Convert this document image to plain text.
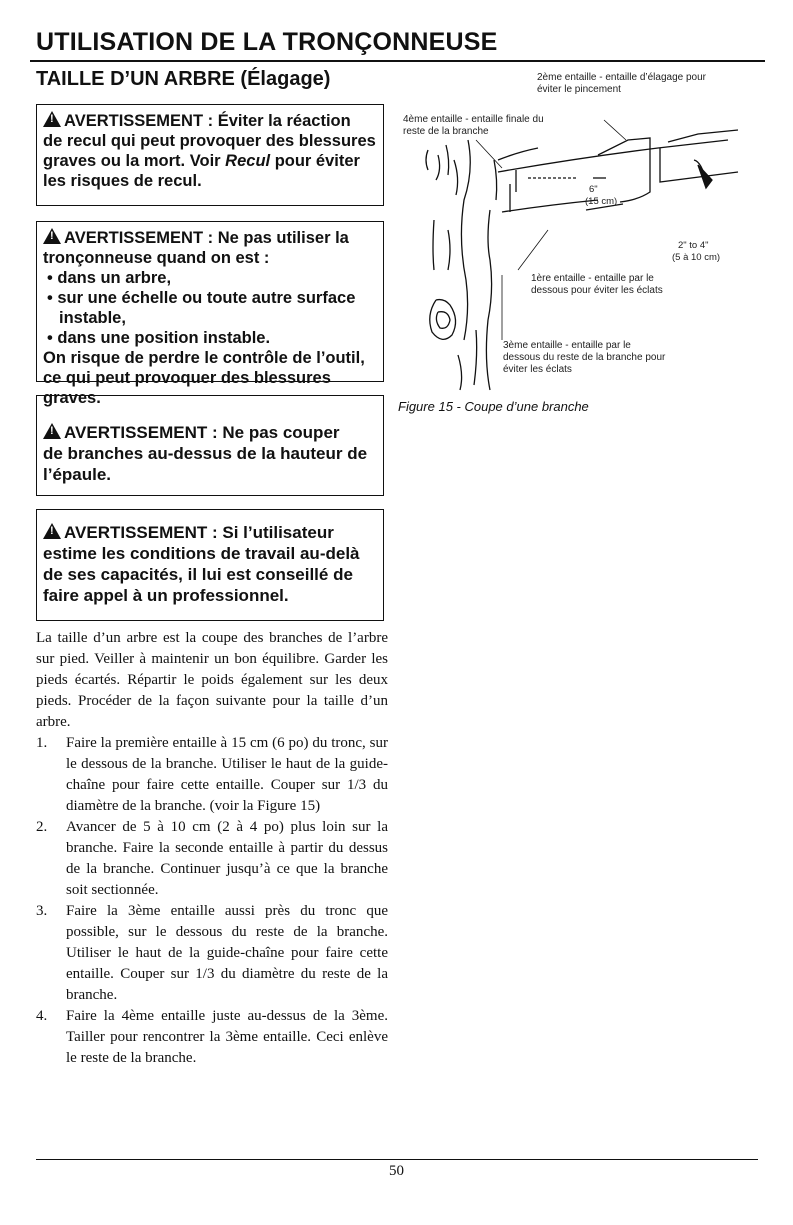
UTILISATION DE LA TRONÇONNEUSE
TAILLE D’UN ARBRE (Élagage)

!AVERTISSEMENT : Éviter la réaction

de recul qui peut provoquer des blessures

graves ou la mort. Voir Recul pour éviter

les risques de recul.

!AVERTISSEMENT : Ne pas utiliser la

tronçonneuse quand on est :

• dans un arbre,
• sur une échelle ou toute autre surface instable,
• dans une position instable.

On risque de perdre le contrôle de l’outil, ce qui peut provoquer des blessures graves.

!AVERTISSEMENT : Ne pas couper

de branches au-dessus de la hauteur de l’épaule.

!AVERTISSEMENT : Si l’utilisateur

estime les conditions de travail au-delà de ses capacités, il lui est conseillé de faire appel à un professionnel.

La taille d’un arbre est la coupe des branches de l’arbre sur pied. Veiller à maintenir un bon équilibre. Garder les pieds écartés. Répartir le poids également sur les deux pieds. Procéder de la façon suivante pour la taille d’un arbre.

1. Faire la première entaille à 15 cm (6 po) du tronc, sur le dessous de la branche. Utiliser le haut de la guide-chaîne pour faire cette entaille. Couper sur 1/3 du diamètre de la branche. (voir la Figure 15)
2. Avancer de 5 à 10 cm (2 à 4 po) plus loin sur la branche. Faire la seconde entaille à partir du dessus de la branche. Continuer jusqu’à ce que la branche soit sectionnée.
3. Faire la 3ème entaille aussi près du tronc que possible, sur le dessous du reste de la branche. Utiliser le haut de la guide-chaîne pour faire cette entaille. Couper sur 1/3 du diamètre du reste de la branche.
4. Faire la 4ème entaille juste au-dessus de la 3ème. Tailler pour rencontrer la 3ème entaille. Ceci enlève le reste de la branche.
2ème entaille - entaille d’élagage pour
éviter le pincement
4ème entaille - entaille finale du
reste de la branche
6"
(15 cm)
2" to 4"
(5 à 10 cm)
1ère entaille - entaille par le
dessous pour éviter les éclats
3ème entaille - entaille par le
dessous du reste de la branche pour
éviter les éclats
Figure 15 - Coupe d’une branche
50
